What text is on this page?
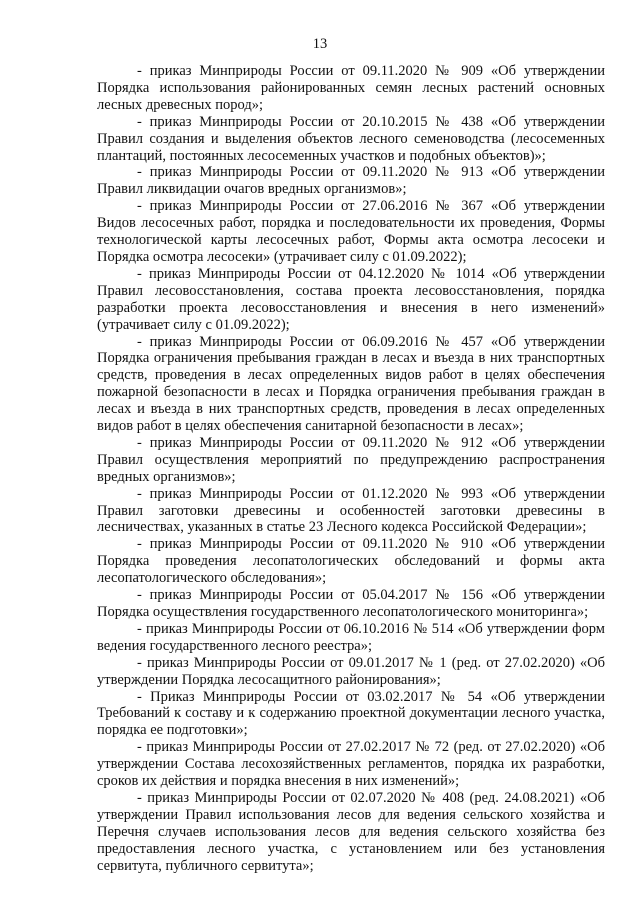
13

- приказ Минприроды России от 09.11.2020 № 909 «Об утверждении Порядка использования районированных семян лесных растений основных лесных древесных пород»;

- приказ Минприроды России от 20.10.2015 № 438 «Об утверждении Правил создания и выделения объектов лесного семеноводства (лесосеменных плантаций, постоянных лесосеменных участков и подобных объектов)»;

- приказ Минприроды России от 09.11.2020 № 913 «Об утверждении Правил ликвидации очагов вредных организмов»;

- приказ Минприроды России от 27.06.2016 № 367 «Об утверждении Видов лесосечных работ, порядка и последовательности их проведения, Формы технологической карты лесосечных работ, Формы акта осмотра лесосеки и Порядка осмотра лесосеки» (утрачивает силу с 01.09.2022);

- приказ Минприроды России от 04.12.2020 № 1014 «Об утверждении Правил лесовосстановления, состава проекта лесовосстановления, порядка разработки проекта лесовосстановления и внесения в него изменений» (утрачивает силу с 01.09.2022);

- приказ Минприроды России от 06.09.2016 № 457 «Об утверждении Порядка ограничения пребывания граждан в лесах и въезда в них транспортных средств, проведения в лесах определенных видов работ в целях обеспечения пожарной безопасности в лесах и Порядка ограничения пребывания граждан в лесах и въезда в них транспортных средств, проведения в лесах определенных видов работ в целях обеспечения санитарной безопасности в лесах»;

- приказ Минприроды России от 09.11.2020 № 912 «Об утверждении Правил осуществления мероприятий по предупреждению распространения вредных организмов»;

- приказ Минприроды России от 01.12.2020 № 993 «Об утверждении Правил заготовки древесины и особенностей заготовки древесины в лесничествах, указанных в статье 23 Лесного кодекса Российской Федерации»;

- приказ Минприроды России от 09.11.2020 № 910 «Об утверждении Порядка проведения лесопатологических обследований и формы акта лесопатологического обследования»;

- приказ Минприроды России от 05.04.2017 № 156 «Об утверждении Порядка осуществления государственного лесопатологического мониторинга»;

- приказ Минприроды России от 06.10.2016 № 514 «Об утверждении форм ведения государственного лесного реестра»;

- приказ Минприроды России от 09.01.2017 № 1 (ред. от 27.02.2020) «Об утверждении Порядка лесосащитного районирования»;

- Приказ Минприроды России от 03.02.2017 № 54 «Об утверждении Требований к составу и к содержанию проектной документации лесного участка, порядка ее подготовки»;

- приказ Минприроды России от 27.02.2017 № 72 (ред. от 27.02.2020) «Об утверждении Состава лесохозяйственных регламентов, порядка их разработки, сроков их действия и порядка внесения в них изменений»;

- приказ Минприроды России от 02.07.2020 № 408 (ред. 24.08.2021) «Об утверждении Правил использования лесов для ведения сельского хозяйства и Перечня случаев использования лесов для ведения сельского хозяйства без предоставления лесного участка, с установлением или без установления сервитута, публичного сервитута»;
